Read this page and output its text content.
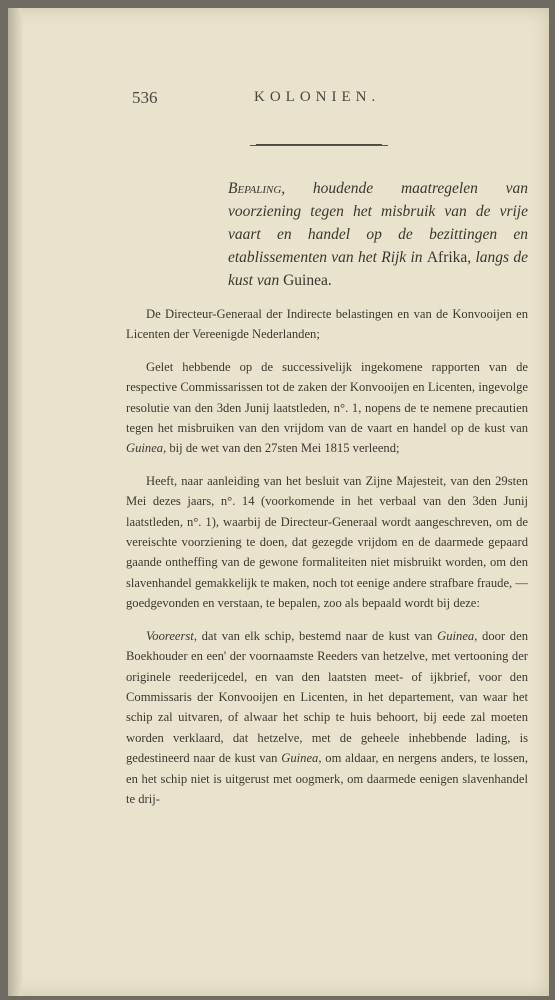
536	KOLONIEN.
Bepaling, houdende maatregelen van voorziening tegen het misbruik van de vrije vaart en handel op de bezittingen en etablissementen van het Rijk in Afrika, langs de kust van Guinea.

De Directeur-Generaal der Indirecte belastingen en van de Konvooijen en Licenten der Vereenigde Nederlanden;

Gelet hebbende op de successivelijk ingekomene rapporten van de respective Commissarissen tot de zaken der Konvooijen en Licenten, ingevolge resolutie van den 3den Junij laatstleden, n°. 1, nopens de te nemene precautien tegen het misbruiken van den vrijdom van de vaart en handel op de kust van Guinea, bij de wet van den 27sten Mei 1815 verleend;

Heeft, naar aanleiding van het besluit van Zijne Majesteit, van den 29sten Mei dezes jaars, n°. 14 (voorkomende in het verbaal van den 3den Junij laatstleden, n°. 1), waarbij de Directeur-Generaal wordt aangeschreven, om de vereischte voorziening te doen, dat gezegde vrijdom en de daarmede gepaard gaande ontheffing van de gewone formaliteiten niet misbruikt worden, om den slavenhandel gemakkelijk te maken, noch tot eenige andere strafbare fraude, — goedgevonden en verstaan, te bepalen, zoo als bepaald wordt bij deze:

Vooreerst, dat van elk schip, bestemd naar de kust van Guinea, door den Boekhouder en een' der voornaamste Reeders van hetzelve, met vertooning der originele reederijcedel, en van den laatsten meet- of ijkbrief, voor den Commissaris der Konvooijen en Licenten, in het departement, van waar het schip zal uitvaren, of alwaar het schip te huis behoort, bij eede zal moeten worden verklaard, dat hetzelve, met de geheele inhebbende lading, is gedestineerd naar de kust van Guinea, om aldaar, en nergens anders, te lossen, en het schip niet is uitgerust met oogmerk, om daarmede eenigen slavenhandel te drij-
